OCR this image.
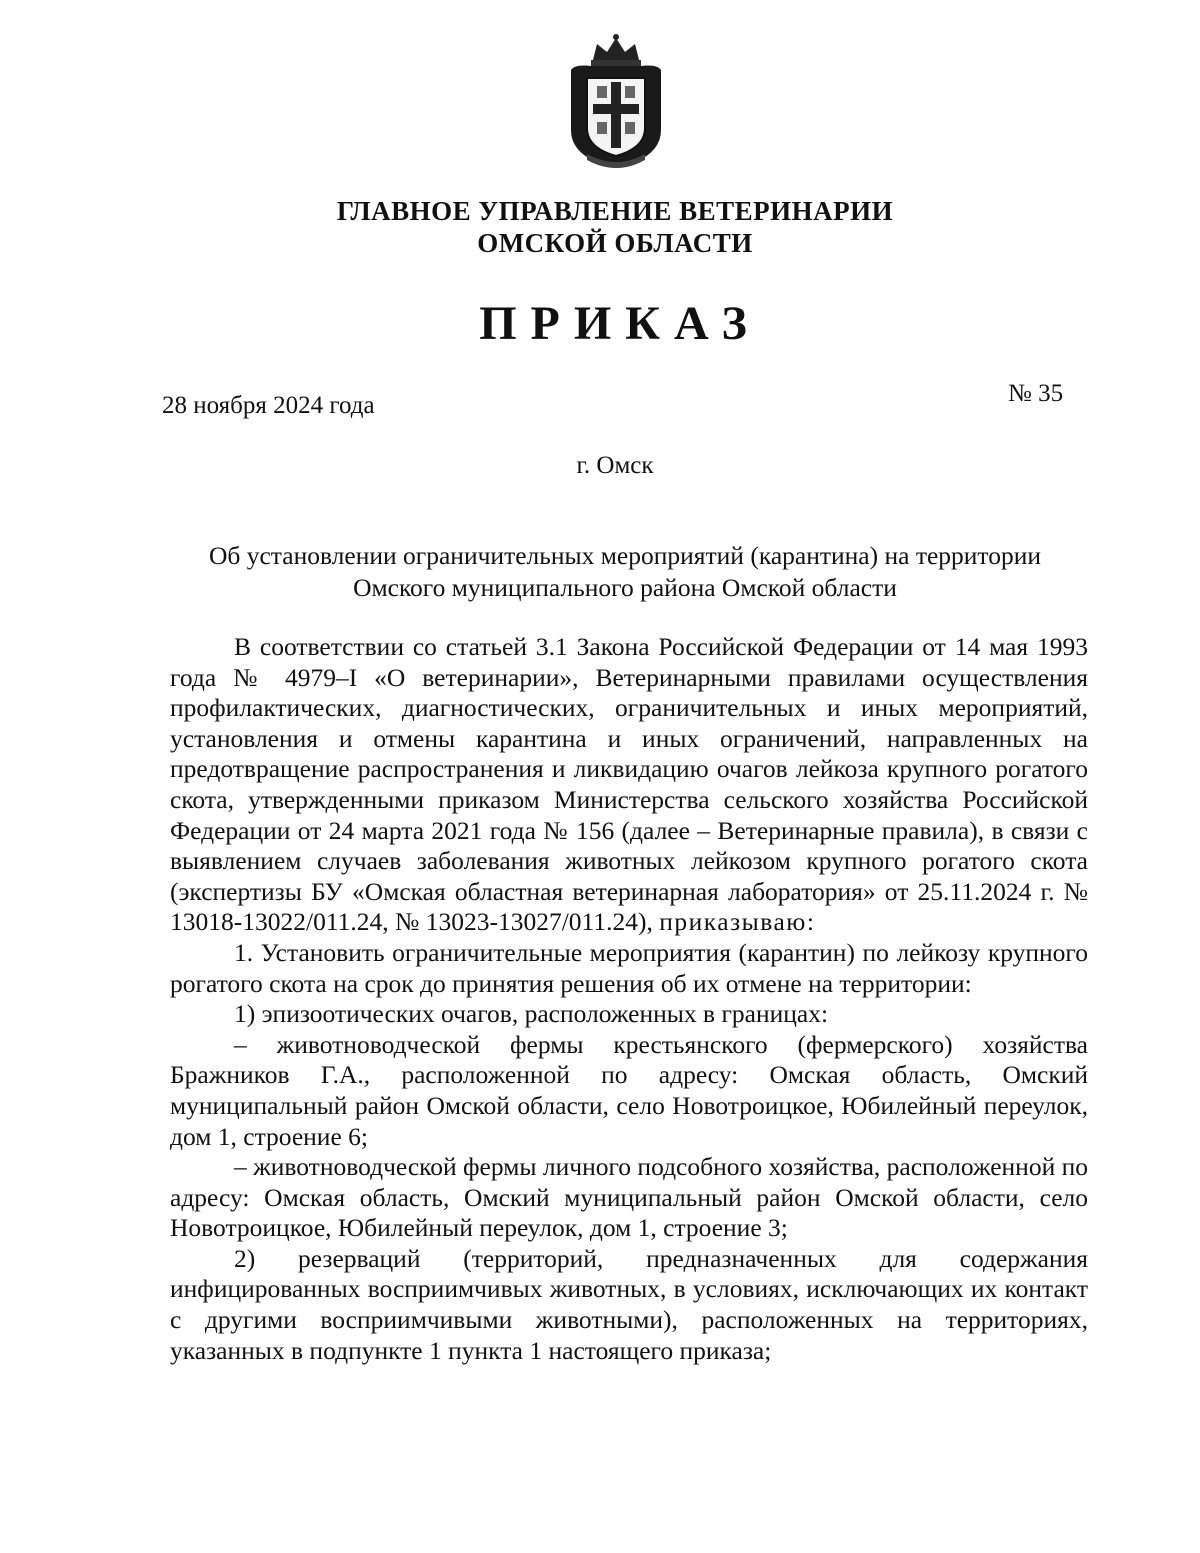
ГЛАВНОЕ УПРАВЛЕНИЕ ВЕТЕРИНАРИИ
ОМСКОЙ ОБЛАСТИ
ПРИКАЗ
28 ноября 2024 года	№ 35
г. Омск
Об установлении ограничительных мероприятий (карантина) на территории
Омского муниципального района Омской области

В соответствии со статьей 3.1 Закона Российской Федерации от 14 мая 1993 года № 4979–I «О ветеринарии», Ветеринарными правилами осуществления профилактических, диагностических, ограничительных и иных мероприятий, установления и отмены карантина и иных ограничений, направленных на предотвращение распространения и ликвидацию очагов лейкоза крупного рогатого скота, утвержденными приказом Министерства сельского хозяйства Российской Федерации от 24 марта 2021 года № 156 (далее – Ветеринарные правила), в связи с выявлением случаев заболевания животных лейкозом крупного рогатого скота (экспертизы БУ «Омская областная ветеринарная лаборатория» от 25.11.2024 г. № 13018-13022/011.24, № 13023-13027/011.24), приказываю:

1. Установить ограничительные мероприятия (карантин) по лейкозу крупного рогатого скота на срок до принятия решения об их отмене на территории:

1) эпизоотических очагов, расположенных в границах:

– животноводческой фермы крестьянского (фермерского) хозяйства Бражников Г.А., расположенной по адресу: Омская область, Омский муниципальный район Омской области, село Новотроицкое, Юбилейный переулок, дом 1, строение 6;

– животноводческой фермы личного подсобного хозяйства, расположенной по адресу: Омская область, Омский муниципальный район Омской области, село Новотроицкое, Юбилейный переулок, дом 1, строение 3;

2) резерваций (территорий, предназначенных для содержания инфицированных восприимчивых животных, в условиях, исключающих их контакт с другими восприимчивыми животными), расположенных на территориях, указанных в подпункте 1 пункта 1 настоящего приказа;
